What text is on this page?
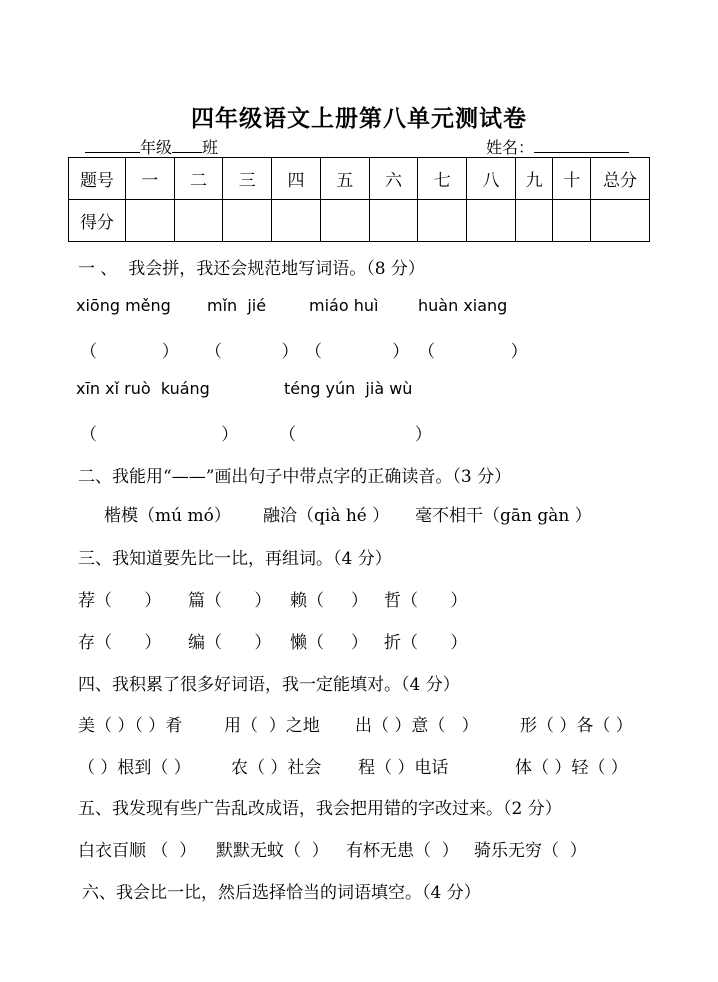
四年级语文上册第八单元测试卷
年级 班	姓名：
题号	一	二	三	四	五	六	七	八	九	十	总分
得分											
一 、  我会拼，我还会规范地写词语。（8 分）
xiōng měng mǐn  jié	miáo huì huàn xiang
（            ） （           ） （             ） （              ）
xīn xǐ ruò  kuáng	téng yún  jià wù
（                       ） （                      ）
二、我能用“——”画出句子中带点字的正确读音。（3 分）
楷模（mú mó） 融洽（qià hé ） 毫不相干（gān gàn ）
三、我知道要先比一比，再组词。（4 分）
荐（      ） 篇（      ） 赖（     ） 哲（      ）
存（      ） 编（      ） 懒（     ） 折（      ）
四、我积累了很多好词语，我一定能填对。（4 分）
美（ ）（ ）肴 用（  ）之地 出（ ）意（   ） 形（ ）各（ ）
（ ）根到（ ） 农（ ）社会 程（ ）电话	体（ ）轻（ ）
五、我发现有些广告乱改成语，我会把用错的字改过来。（2 分）
白衣百顺 （  ） 默默无蚊（  ） 有杯无患（  ） 骑乐无穷（  ）
六、我会比一比，然后选择恰当的词语填空。（4 分）
